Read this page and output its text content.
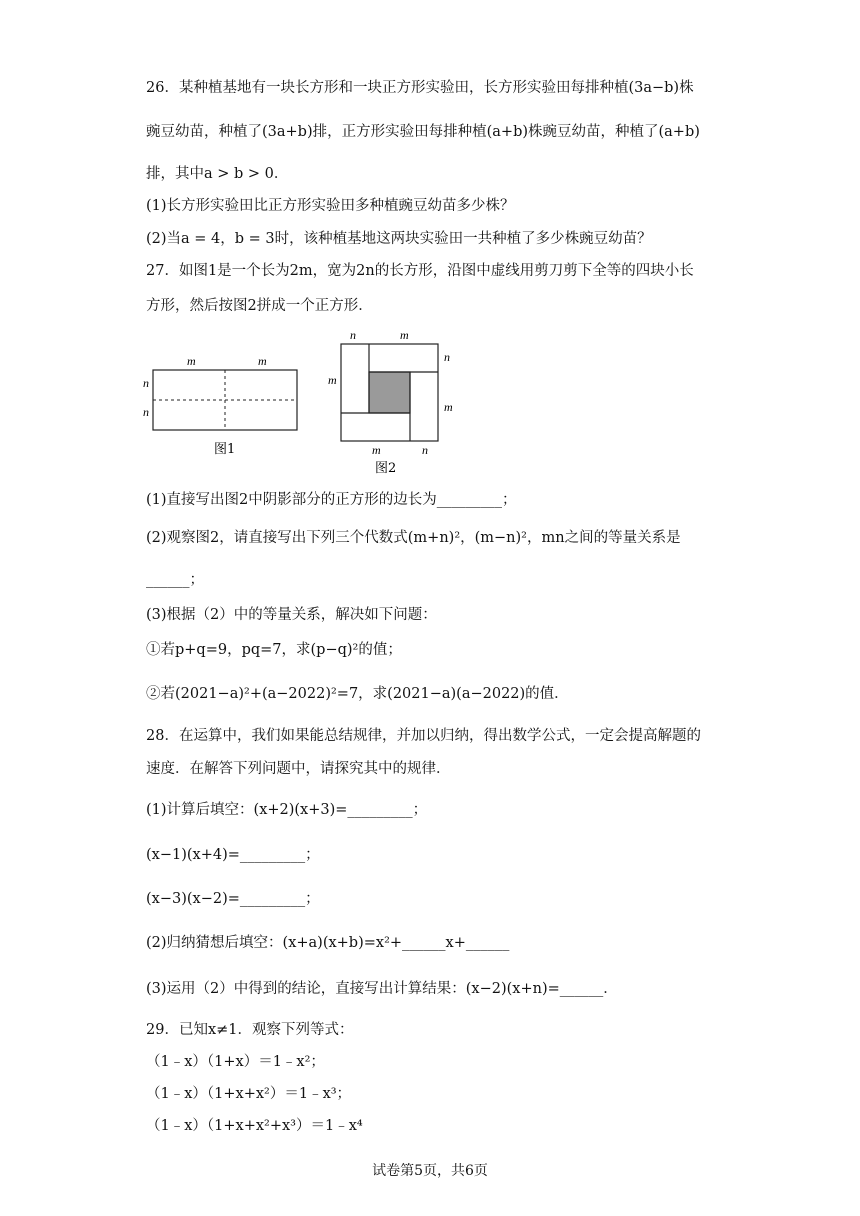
26．某种植基地有一块长方形和一块正方形实验田，长方形实验田每排种植(3a−b)株
豌豆幼苗，种植了(3a+b)排，正方形实验田每排种植(a+b)株豌豆幼苗，种植了(a+b)
排，其中a > b > 0．
(1)长方形实验田比正方形实验田多种植豌豆幼苗多少株？
(2)当a = 4，b = 3时，该种植基地这两块实验田一共种植了多少株豌豆幼苗？
27．如图1是一个长为2m，宽为2n的长方形，沿图中虚线用剪刀剪下全等的四块小长
方形，然后按图2拼成一个正方形．
m	m
n
n
图1
n	m
n
m
m
m	n
图2
(1)直接写出图2中阴影部分的正方形的边长为_________；
(2)观察图2，请直接写出下列三个代数式(m+n)²，(m−n)²，mn之间的等量关系是
______；
(3)根据（2）中的等量关系，解决如下问题：
①若p+q=9，pq=7，求(p−q)²的值；
②若(2021−a)²+(a−2022)²=7，求(2021−a)(a−2022)的值．
28．在运算中，我们如果能总结规律，并加以归纳，得出数学公式，一定会提高解题的
速度．在解答下列问题中，请探究其中的规律．
(1)计算后填空：(x+2)(x+3)=_________；
(x−1)(x+4)=_________；
(x−3)(x−2)=_________；
(2)归纳猜想后填空：(x+a)(x+b)=x²+______x+______
(3)运用（2）中得到的结论，直接写出计算结果：(x−2)(x+n)=______．
29．已知x≠1．观察下列等式：
（1﹣x）（1+x）＝1﹣x²；
（1﹣x）（1+x+x²）＝1﹣x³；
（1﹣x）（1+x+x²+x³）＝1﹣x⁴
试卷第5页，共6页
